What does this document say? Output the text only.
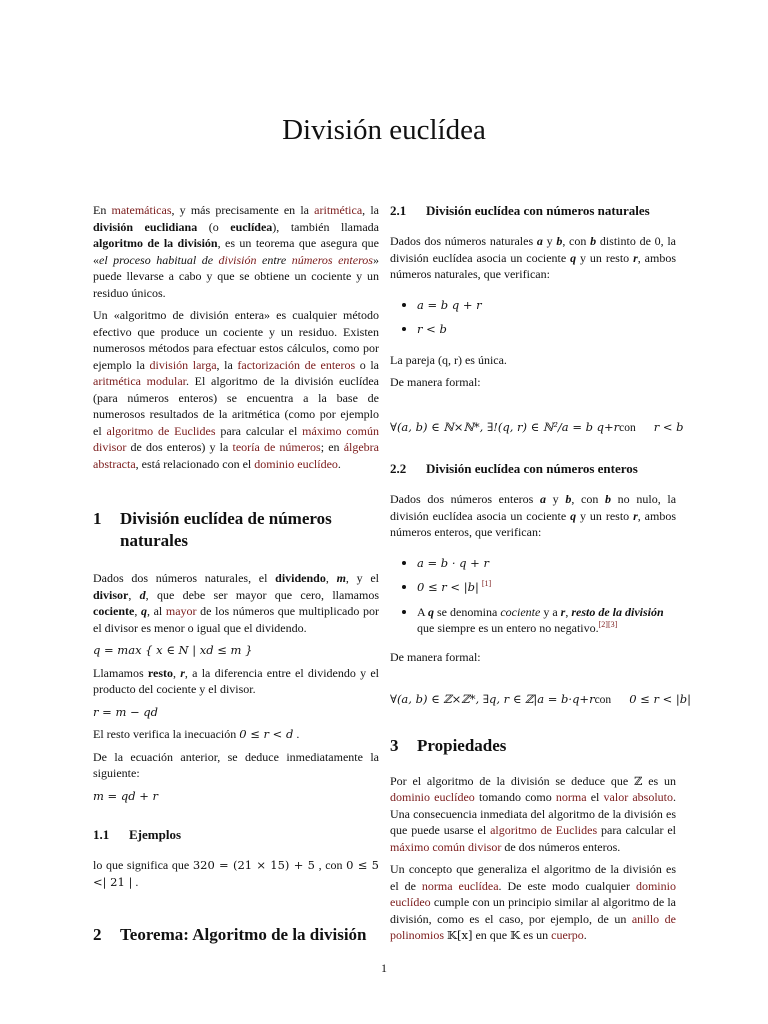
División euclídea

En matemáticas, y más precisamente en la aritmética, la división euclidiana (o euclídea), también llamada algoritmo de la división, es un teorema que asegura que «el proceso habitual de división entre números enteros» puede llevarse a cabo y que se obtiene un cociente y un residuo únicos.

Un «algoritmo de división entera» es cualquier método efectivo que produce un cociente y un residuo. Existen numerosos métodos para efectuar estos cálculos, como por ejemplo la división larga, la factorización de enteros o la aritmética modular. El algoritmo de la división euclídea (para números enteros) se encuentra a la base de numerosos resultados de la aritmética (como por ejemplo el algoritmo de Euclides para calcular el máximo común divisor de dos enteros) y la teoría de números; en álgebra abstracta, está relacionado con el dominio euclídeo.

1	División euclídea de números naturales

Dados dos números naturales, el dividendo, m, y el divisor, d, que debe ser mayor que cero, llamamos cociente, q, al mayor de los números que multiplicado por el divisor es menor o igual que el dividendo.

q = max { x ∈ N | xd ≤ m }

Llamamos resto, r, a la diferencia entre el dividendo y el producto del cociente y el divisor.

r = m − qd

El resto verifica la inecuación 0 ≤ r < d .

De la ecuación anterior, se deduce inmediatamente la siguiente:

m = qd + r

1.1	Ejemplos

lo que significa que 320 = (21 × 15) + 5 , con 0 ≤ 5 <| 21 | .

2	Teorema: Algoritmo de la división
2.1	División euclídea con números naturales

Dados dos números naturales a y b, con b distinto de 0, la división euclídea asocia un cociente q y un resto r, ambos números naturales, que verifican:

a = b q + r
r < b

La pareja (q, r) es única.

De manera formal:

∀(a, b) ∈ ℕ×ℕ*, ∃!(q, r) ∈ ℕ²/a = b q+r con r < b
2.2	División euclídea con números enteros

Dados dos números enteros a y b, con b no nulo, la división euclídea asocia un cociente q y un resto r, ambos números enteros, que verifican:

a = b · q + r
0 ≤ r < |b| [1]
A q se denomina cociente y a r, resto de la división que siempre es un entero no negativo.[2][3]

De manera formal:

∀(a, b) ∈ ℤ×ℤ*, ∃q, r ∈ ℤ|a = b·q+r con 0 ≤ r < |b|
3	Propiedades

Por el algoritmo de la división se deduce que ℤ es un dominio euclídeo tomando como norma el valor absoluto. Una consecuencia inmediata del algoritmo de la división es que puede usarse el algoritmo de Euclides para calcular el máximo común divisor de dos números enteros.

Un concepto que generaliza el algoritmo de la división es el de norma euclídea. De este modo cualquier dominio euclídeo cumple con un principio similar al algoritmo de la división, como es el caso, por ejemplo, de un anillo de polinomios 𝕂[x] en que 𝕂 es un cuerpo.

1
